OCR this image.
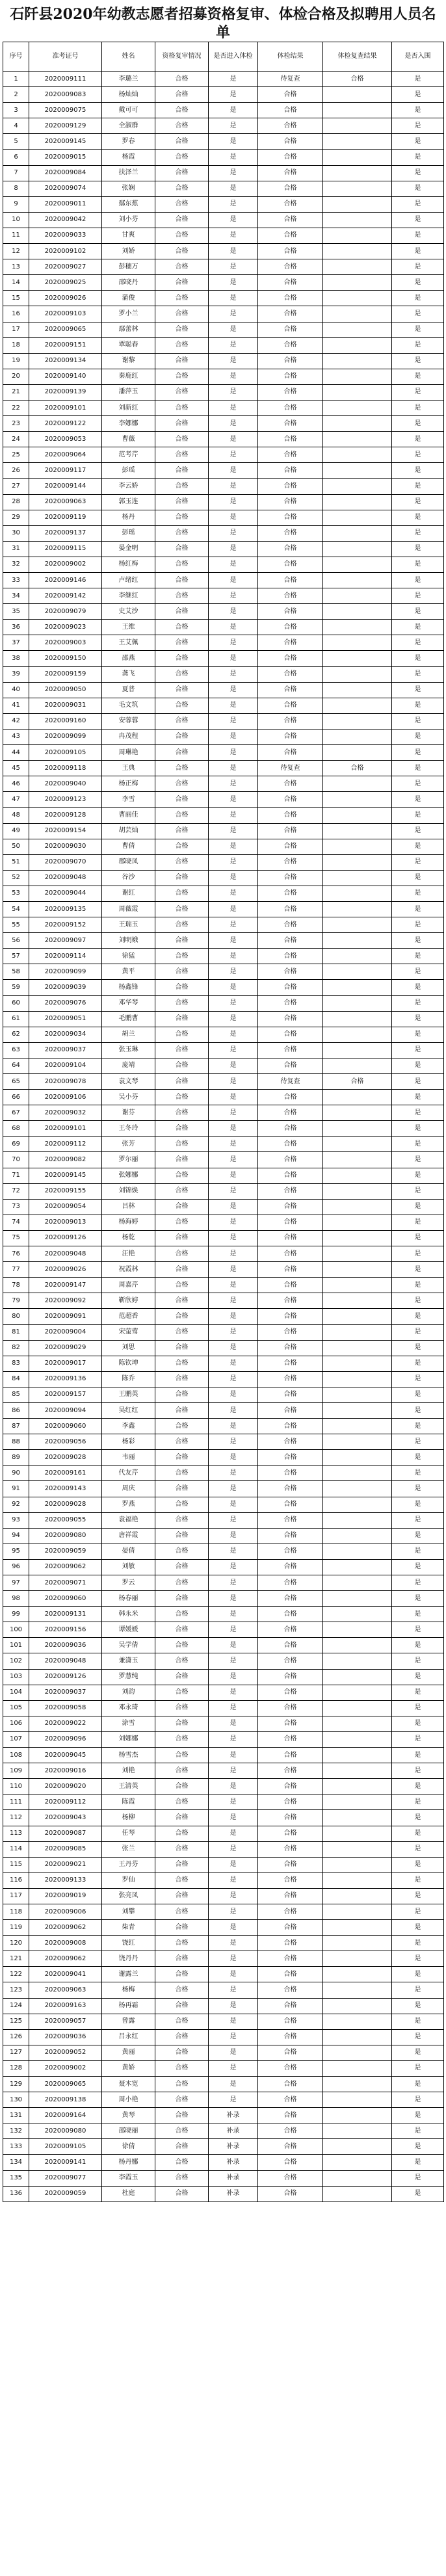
石阡县2020年幼教志愿者招募资格复审、体检合格及拟聘用人员名单
序号	准考证号	姓名	资格复审情况	是否进入体检	体检结果	体检复查结果	是否入围
1	2020009111	李璐兰	合格	是	待复查	合格	是
2	2020009083	杨灿灿	合格	是	合格		是
3	2020009075	戴可可	合格	是	合格		是
4	2020009129	全淑群	合格	是	合格		是
5	2020009145	罗春	合格	是	合格		是
6	2020009015	杨霞	合格	是	合格		是
7	2020009084	扶泽兰	合格	是	合格		是
8	2020009074	张娴	合格	是	合格		是
9	2020009011	鄢东蕉	合格	是	合格		是
10	2020009042	刘小芬	合格	是	合格		是
11	2020009033	甘爽	合格	是	合格		是
12	2020009102	刘娇	合格	是	合格		是
13	2020009027	彭穗万	合格	是	合格		是
14	2020009025	邵晓丹	合格	是	合格		是
15	2020009026	蒲俊	合格	是	合格		是
16	2020009103	罗小兰	合格	是	合格		是
17	2020009065	鄢蕾林	合格	是	合格		是
18	2020009151	覃聪春	合格	是	合格		是
19	2020009134	谢黎	合格	是	合格		是
20	2020009140	秦鹿红	合格	是	合格		是
21	2020009139	潘萍玉	合格	是	合格		是
22	2020009101	刘新红	合格	是	合格		是
23	2020009122	李娜娜	合格	是	合格		是
24	2020009053	曹薇	合格	是	合格		是
25	2020009064	范考芹	合格	是	合格		是
26	2020009117	彭瑶	合格	是	合格		是
27	2020009144	李云娇	合格	是	合格		是
28	2020009063	郭玉连	合格	是	合格		是
29	2020009119	杨丹	合格	是	合格		是
30	2020009137	彭瑶	合格	是	合格		是
31	2020009115	晏金明	合格	是	合格		是
32	2020009002	杨红梅	合格	是	合格		是
33	2020009146	卢绪红	合格	是	合格		是
34	2020009142	李继红	合格	是	合格		是
35	2020009079	史艾沙	合格	是	合格		是
36	2020009023	王维	合格	是	合格		是
37	2020009003	王艾佩	合格	是	合格		是
38	2020009150	邵燕	合格	是	合格		是
39	2020009159	龚飞	合格	是	合格		是
40	2020009050	夏普	合格	是	合格		是
41	2020009031	毛文筑	合格	是	合格		是
42	2020009160	安蓉蓉	合格	是	合格		是
43	2020009099	冉茂程	合格	是	合格		是
44	2020009105	周琳艳	合格	是	合格		是
45	2020009118	王典	合格	是	待复查	合格	是
46	2020009040	杨正梅	合格	是	合格		是
47	2020009123	李雪	合格	是	合格		是
48	2020009128	曹丽佳	合格	是	合格		是
49	2020009154	胡芸灿	合格	是	合格		是
50	2020009030	曹倩	合格	是	合格		是
51	2020009070	郡晓凤	合格	是	合格		是
52	2020009048	谷沙	合格	是	合格		是
53	2020009044	谢红	合格	是	合格		是
54	2020009135	周薇霞	合格	是	合格		是
55	2020009152	王瑞玉	合格	是	合格		是
56	2020009097	刘明娥	合格	是	合格		是
57	2020009114	徐猛	合格	是	合格		是
58	2020009099	黄平	合格	是	合格		是
59	2020009039	杨鑫锋	合格	是	合格		是
60	2020009076	邓华琴	合格	是	合格		是
61	2020009051	毛鹏曹	合格	是	合格		是
62	2020009034	胡兰	合格	是	合格		是
63	2020009037	张玉琳	合格	是	合格		是
64	2020009104	庞靖	合格	是	合格		是
65	2020009078	袁文琴	合格	是	待复查	合格	是
66	2020009106	吴小芬	合格	是	合格		是
67	2020009032	谢芬	合格	是	合格		是
68	2020009101	王冬玲	合格	是	合格		是
69	2020009112	张芳	合格	是	合格		是
70	2020009082	罗尔丽	合格	是	合格		是
71	2020009145	张娜娜	合格	是	合格		是
72	2020009155	刘锦焕	合格	是	合格		是
73	2020009054	吕林	合格	是	合格		是
74	2020009013	杨海婷	合格	是	合格		是
75	2020009126	杨乾	合格	是	合格		是
76	2020009048	汪艳	合格	是	合格		是
77	2020009026	祝霞林	合格	是	合格		是
78	2020009147	周嘉芹	合格	是	合格		是
79	2020009092	靳欣婷	合格	是	合格		是
80	2020009091	范超香	合格	是	合格		是
81	2020009004	宋萤莺	合格	是	合格		是
82	2020009029	刘思	合格	是	合格		是
83	2020009017	陈钦坤	合格	是	合格		是
84	2020009136	陈乔	合格	是	合格		是
85	2020009157	王鹏英	合格	是	合格		是
86	2020009094	吴红红	合格	是	合格		是
87	2020009060	李鑫	合格	是	合格		是
88	2020009056	杨彩	合格	是	合格		是
89	2020009028	韦丽	合格	是	合格		是
90	2020009161	代友芹	合格	是	合格		是
91	2020009143	周庆	合格	是	合格		是
92	2020009028	罗燕	合格	是	合格		是
93	2020009055	袁福艳	合格	是	合格		是
94	2020009080	唐祥霞	合格	是	合格		是
95	2020009059	晏倩	合格	是	合格		是
96	2020009062	刘敏	合格	是	合格		是
97	2020009071	罗云	合格	是	合格		是
98	2020009060	杨春丽	合格	是	合格		是
99	2020009131	韩永米	合格	是	合格		是
100	2020009156	谭媛媛	合格	是	合格		是
101	2020009036	吴学倩	合格	是	合格		是
102	2020009048	兼潇玉	合格	是	合格		是
103	2020009126	罗慧纯	合格	是	合格		是
104	2020009037	刘韵	合格	是	合格		是
105	2020009058	邓永琦	合格	是	合格		是
106	2020009022	涂雪	合格	是	合格		是
107	2020009096	刘娜娜	合格	是	合格		是
108	2020009045	杨雪杰	合格	是	合格		是
109	2020009016	刘艳	合格	是	合格		是
110	2020009020	王清英	合格	是	合格		是
111	2020009112	陈霞	合格	是	合格		是
112	2020009043	杨柳	合格	是	合格		是
113	2020009087	任琴	合格	是	合格		是
114	2020009085	张兰	合格	是	合格		是
115	2020009021	王丹芬	合格	是	合格		是
116	2020009133	罗仙	合格	是	合格		是
117	2020009019	张亮凤	合格	是	合格		是
118	2020009006	刘攀	合格	是	合格		是
119	2020009062	柴青	合格	是	合格		是
120	2020009008	饶红	合格	是	合格		是
121	2020009062	饶丹丹	合格	是	合格		是
122	2020009041	谢露兰	合格	是	合格		是
123	2020009063	杨梅	合格	是	合格		是
124	2020009163	杨再霜	合格	是	合格		是
125	2020009057	曾露	合格	是	合格		是
126	2020009036	吕永红	合格	是	合格		是
127	2020009052	黄丽	合格	是	合格		是
128	2020009002	黄娇	合格	是	合格		是
129	2020009065	聂木宽	合格	是	合格		是
130	2020009138	周小艳	合格	是	合格		是
131	2020009164	黄琴	合格	补录	合格		是
132	2020009080	邵晓丽	合格	补录	合格		是
133	2020009105	徐倩	合格	补录	合格		是
134	2020009141	杨丹娜	合格	补录	合格		是
135	2020009077	李霞玉	合格	补录	合格		是
136	2020009059	杜庭	合格	补录	合格		是
